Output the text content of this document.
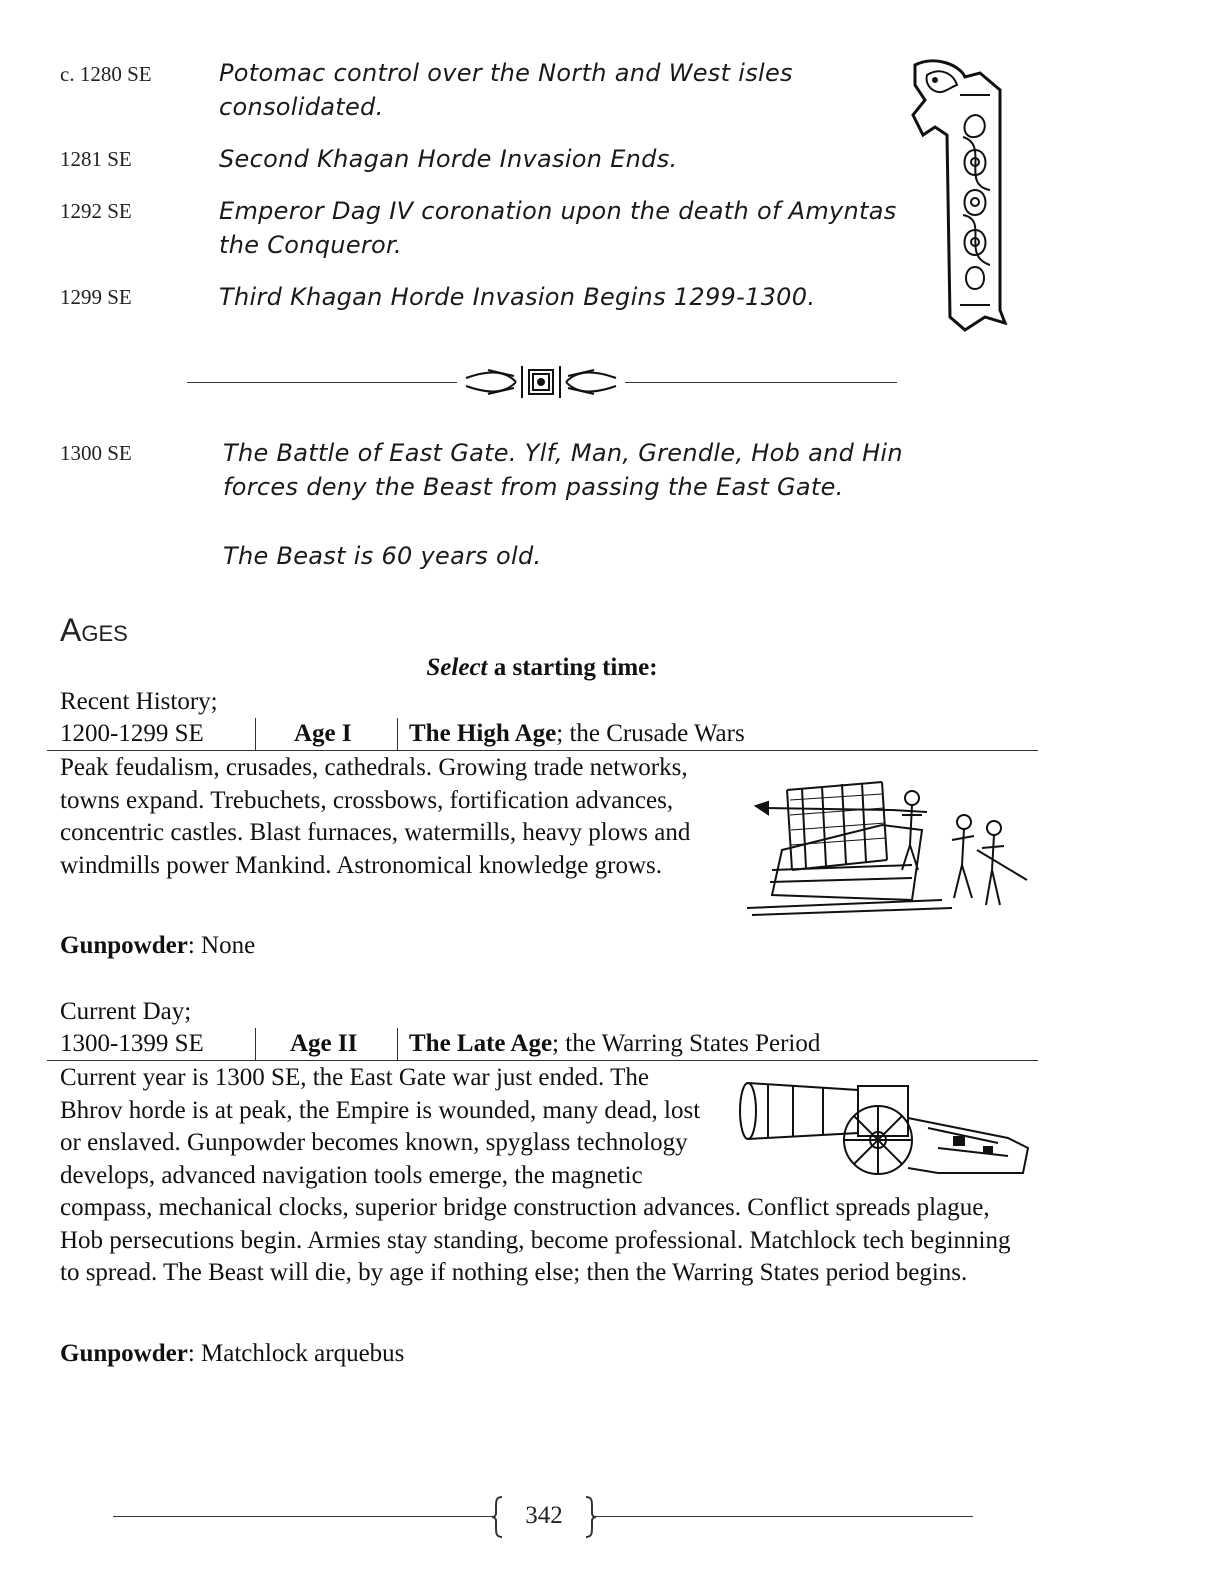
c. 1280 SE	Potomac control over the North and West isles consolidated.
1281 SE	Second Khagan Horde Invasion Ends.
1292 SE	Emperor Dag IV coronation upon the death of Amyntas the Conqueror.
1299 SE	Third Khagan Horde Invasion Begins 1299-1300.
1300 SE	The Battle of East Gate. Ylf, Man, Grendle, Hob and Hin forces deny the Beast from passing the East Gate.
The Beast is 60 years old.
Ages
Select a starting time:
Recent History;
1200-1299 SE	Age I The High Age; the Crusade Wars
Peak feudalism, crusades, cathedrals. Growing trade networks, towns expand. Trebuchets, crossbows, fortification advances, concentric castles. Blast furnaces, watermills, heavy plows and windmills power Mankind. Astronomical knowledge grows.
Gunpowder: None
Current Day;
1300-1399 SE	Age II The Late Age; the Warring States Period
Current year is 1300 SE, the East Gate war just ended. The Bhrov horde is at peak, the Empire is wounded, many dead, lost or enslaved. Gunpowder becomes known, spyglass technology develops, advanced navigation tools emerge, the magnetic compass, mechanical clocks, superior bridge construction advances. Conflict spreads plague, Hob persecutions begin. Armies stay standing, become professional. Matchlock tech beginning to spread. The Beast will die, by age if nothing else; then the Warring States period begins.
Gunpowder: Matchlock arquebus
342
